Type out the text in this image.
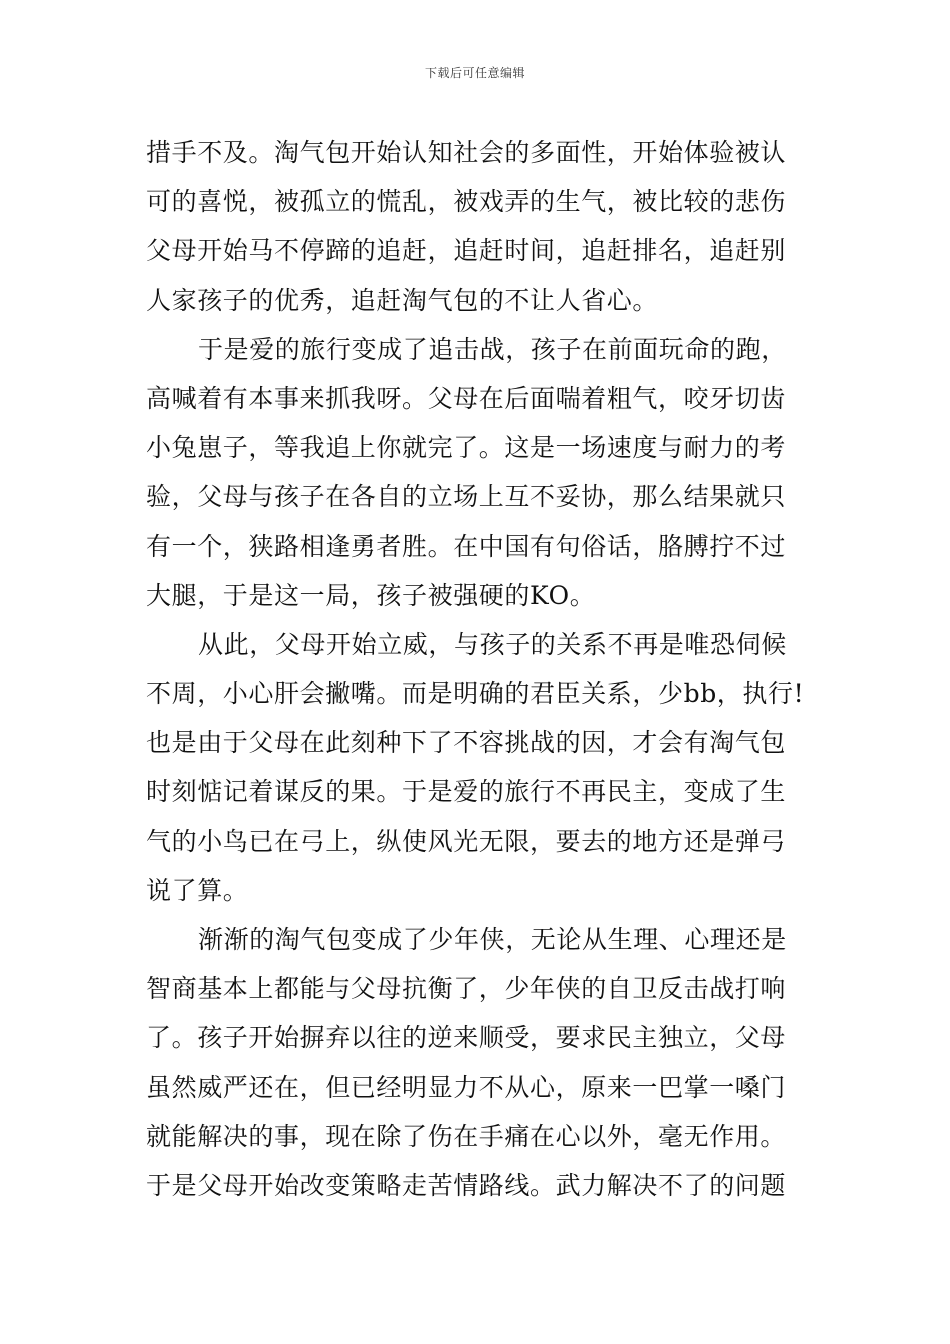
下载后可任意编辑

措手不及。淘气包开始认知社会的多面性，开始体验被认
可的喜悦，被孤立的慌乱，被戏弄的生气，被比较的悲伤
父母开始马不停蹄的追赶，追赶时间，追赶排名，追赶别
人家孩子的优秀，追赶淘气包的不让人省心。

于是爱的旅行变成了追击战，孩子在前面玩命的跑，
高喊着有本事来抓我呀。父母在后面喘着粗气，咬牙切齿
小兔崽子，等我追上你就完了。这是一场速度与耐力的考
验，父母与孩子在各自的立场上互不妥协，那么结果就只
有一个，狭路相逢勇者胜。在中国有句俗话，胳膊拧不过
大腿，于是这一局，孩子被强硬的KO。

从此，父母开始立威，与孩子的关系不再是唯恐伺候
不周，小心肝会撇嘴。而是明确的君臣关系，少bb，执行!
也是由于父母在此刻种下了不容挑战的因，才会有淘气包
时刻惦记着谋反的果。于是爱的旅行不再民主，变成了生
气的小鸟已在弓上，纵使风光无限，要去的地方还是弹弓
说了算。

渐渐的淘气包变成了少年侠，无论从生理、心理还是
智商基本上都能与父母抗衡了，少年侠的自卫反击战打响
了。孩子开始摒弃以往的逆来顺受，要求民主独立，父母
虽然威严还在，但已经明显力不从心，原来一巴掌一嗓门
就能解决的事，现在除了伤在手痛在心以外，毫无作用。
于是父母开始改变策略走苦情路线。武力解决不了的问题
